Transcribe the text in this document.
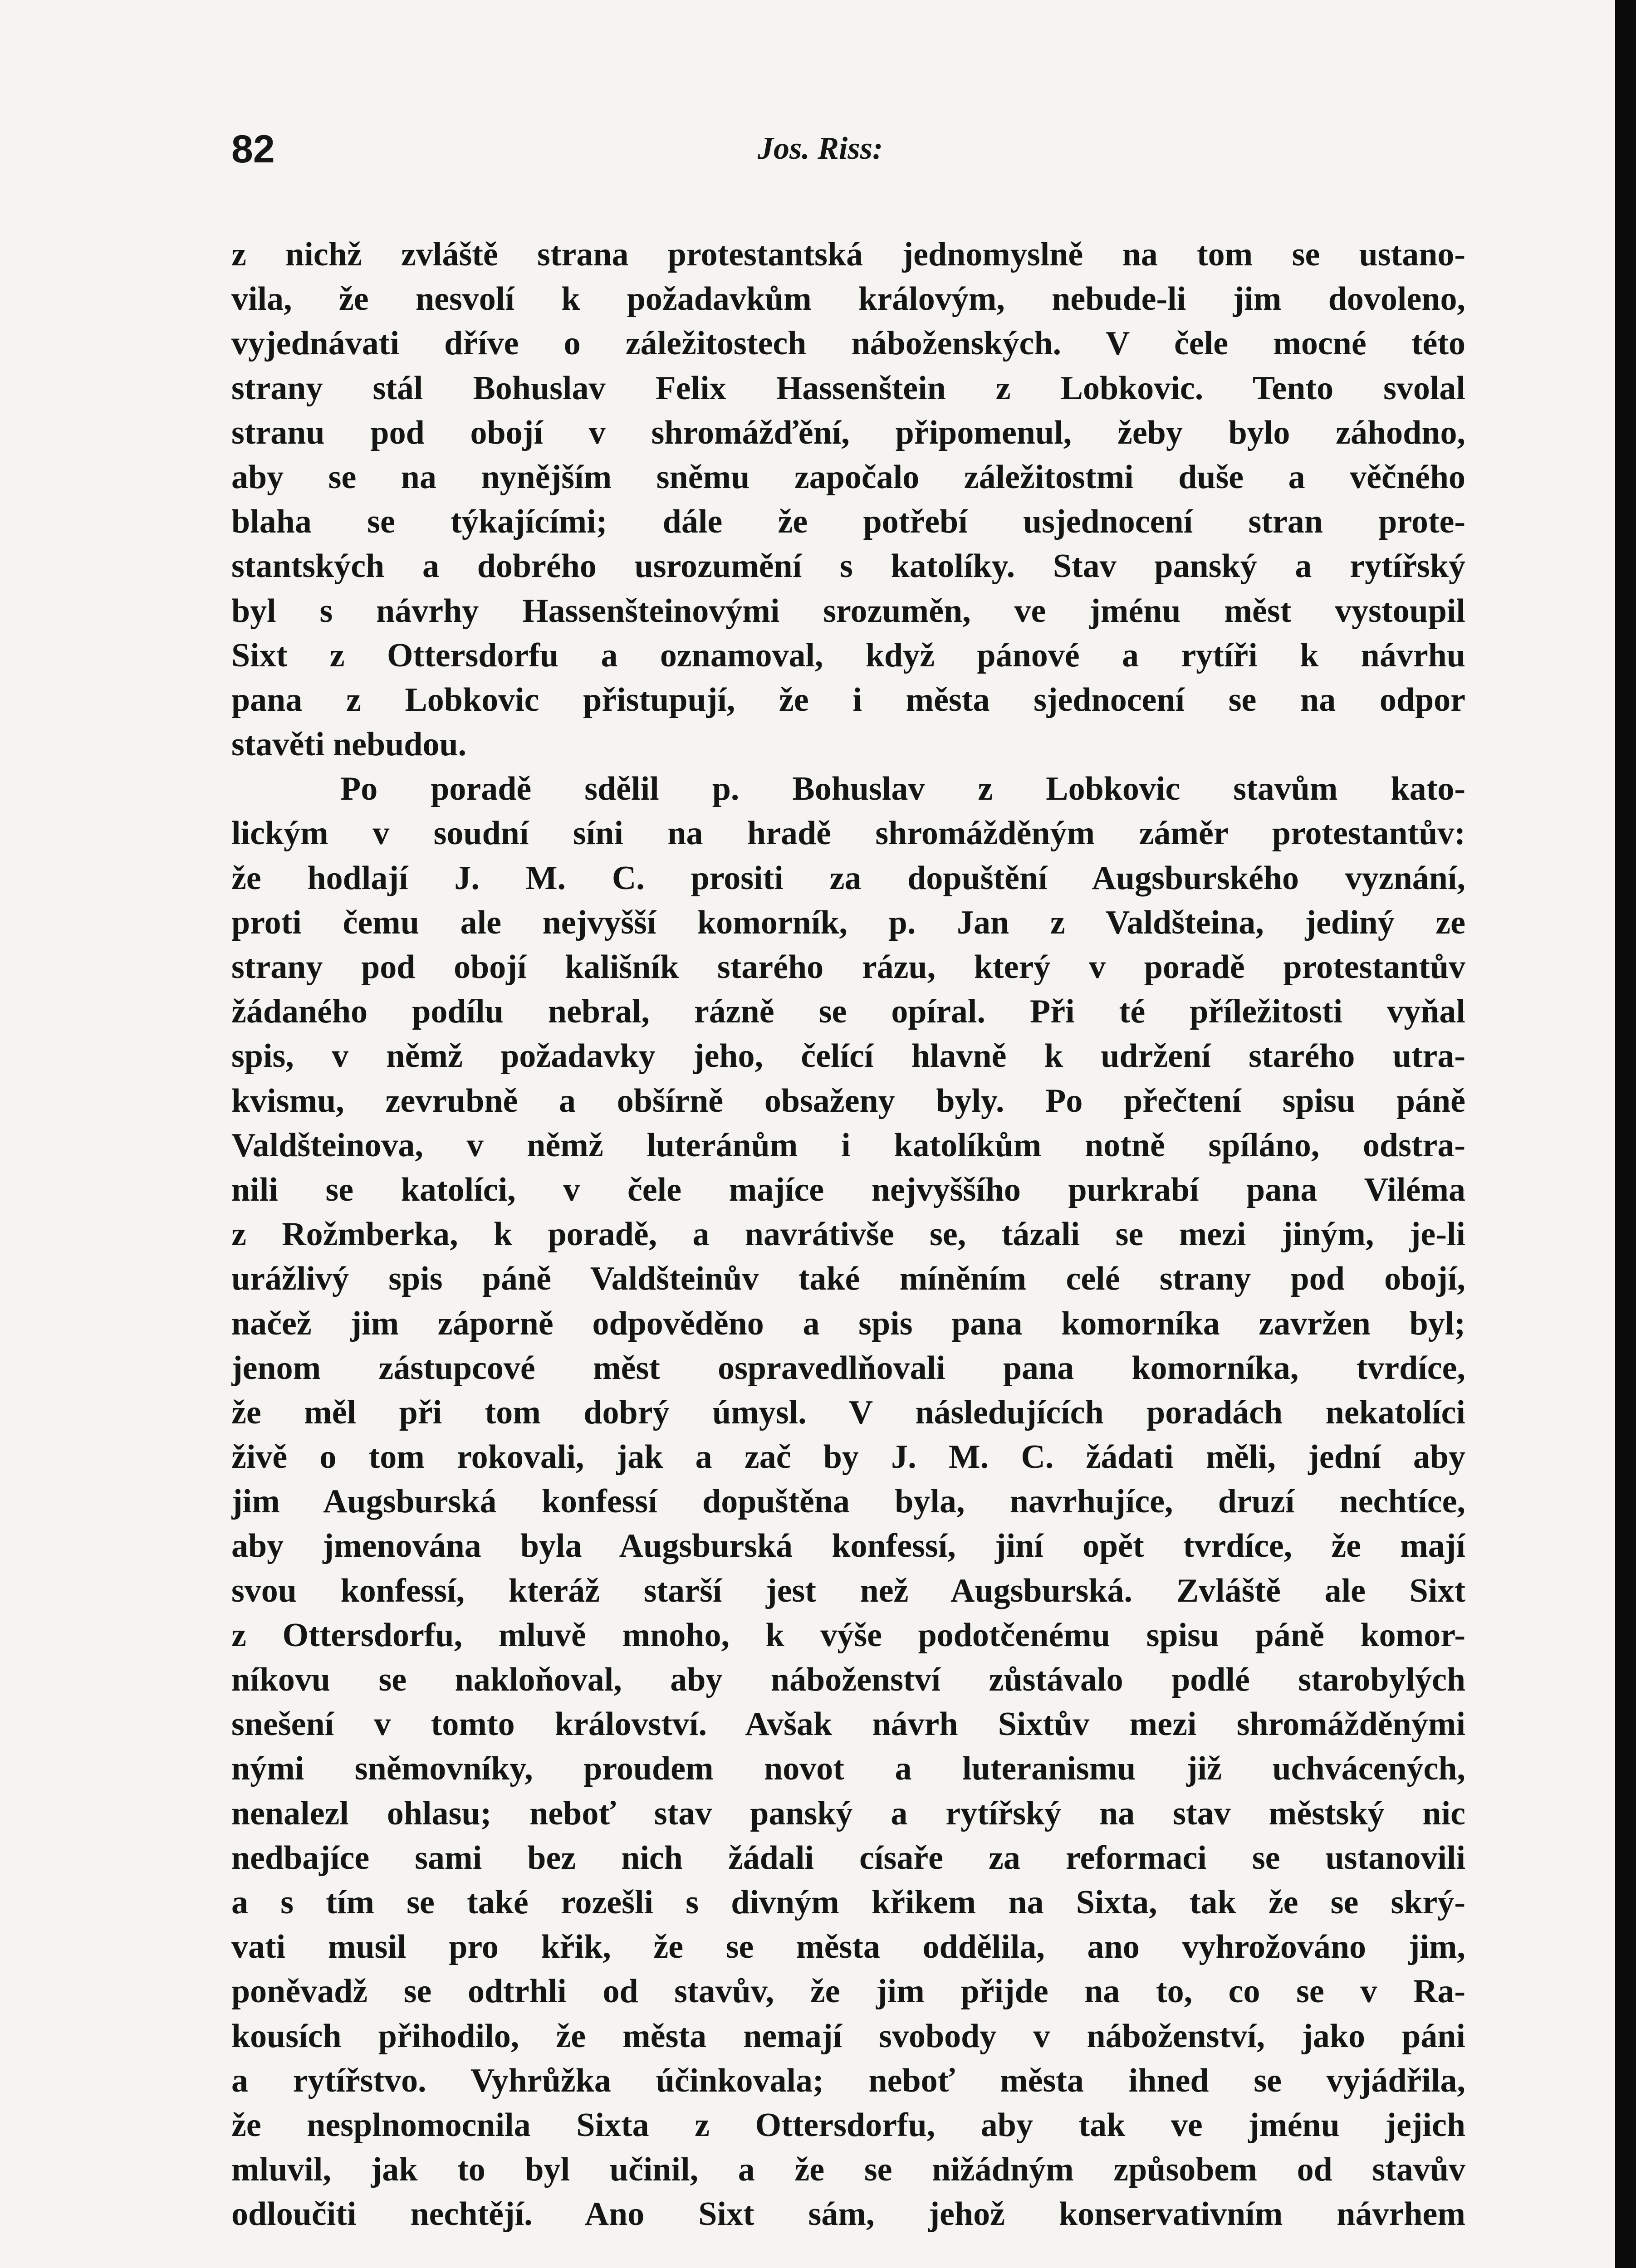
82	Jos. Riss:
z nichž zvláště strana protestantská jednomyslně na tom se ustano-
vila, že nesvolí k požadavkům královým, nebude-li jim dovoleno,
vyjednávati dříve o záležitostech náboženských. V čele mocné této
strany stál Bohuslav Felix Hassenštein z Lobkovic. Tento svolal
stranu pod obojí v shromážďění, připomenul, žeby bylo záhodno,
aby se na nynějším sněmu započalo záležitostmi duše a věčného
blaha se týkajícími; dále že potřebí usjednocení stran prote-
stantských a dobrého usrozumění s katolíky. Stav panský a rytířský
byl s návrhy Hassenšteinovými srozuměn, ve jménu měst vystoupil
Sixt z Ottersdorfu a oznamoval, když pánové a rytíři k návrhu
pana z Lobkovic přistupují, že i města sjednocení se na odpor
stavěti nebudou.
Po poradě sdělil p. Bohuslav z Lobkovic stavům kato-
lickým v soudní síni na hradě shromážděným záměr protestantův:
že hodlají J. M. C. prositi za dopuštění Augsburského vyznání,
proti čemu ale nejvyšší komorník, p. Jan z Valdšteina, jediný ze
strany pod obojí kališník starého rázu, který v poradě protestantův
žádaného podílu nebral, rázně se opíral. Při té příležitosti vyňal
spis, v němž požadavky jeho, čelící hlavně k udržení starého utra-
kvismu, zevrubně a obšírně obsaženy byly. Po přečtení spisu páně
Valdšteinova, v němž luteránům i katolíkům notně spíláno, odstra-
nili se katolíci, v čele majíce nejvyššího purkrabí pana Viléma
z Rožmberka, k poradě, a navrátivše se, tázali se mezi jiným, je-li
urážlivý spis páně Valdšteinův také míněním celé strany pod obojí,
načež jim záporně odpověděno a spis pana komorníka zavržen byl;
jenom zástupcové měst ospravedlňovali pana komorníka, tvrdíce,
že měl při tom dobrý úmysl. V následujících poradách nekatolíci
živě o tom rokovali, jak a zač by J. M. C. žádati měli, jední aby
jim Augsburská konfessí dopuštěna byla, navrhujíce, druzí nechtíce,
aby jmenována byla Augsburská konfessí, jiní opět tvrdíce, že mají
svou konfessí, kteráž starší jest než Augsburská. Zvláště ale Sixt
z Ottersdorfu, mluvě mnoho, k výše podotčenému spisu páně komor-
níkovu se nakloňoval, aby náboženství zůstávalo podlé starobylých
snešení v tomto království. Avšak návrh Sixtův mezi shromážděnými
nými sněmovníky, proudem novot a luteranismu již uchvácených,
nenalezl ohlasu; neboť stav panský a rytířský na stav městský nic
nedbajíce sami bez nich žádali císaře za reformaci se ustanovili
a s tím se také rozešli s divným křikem na Sixta, tak že se skrý-
vati musil pro křik, že se města oddělila, ano vyhrožováno jim,
poněvadž se odtrhli od stavův, že jim přijde na to, co se v Ra-
kousích přihodilo, že města nemají svobody v náboženství, jako páni
a rytířstvo. Vyhrůžka účinkovala; neboť města ihned se vyjádřila,
že nesplnomocnila Sixta z Ottersdorfu, aby tak ve jménu jejich
mluvil, jak to byl učinil, a že se nižádným způsobem od stavův
odloučiti nechtějí. Ano Sixt sám, jehož konservativním návrhem
